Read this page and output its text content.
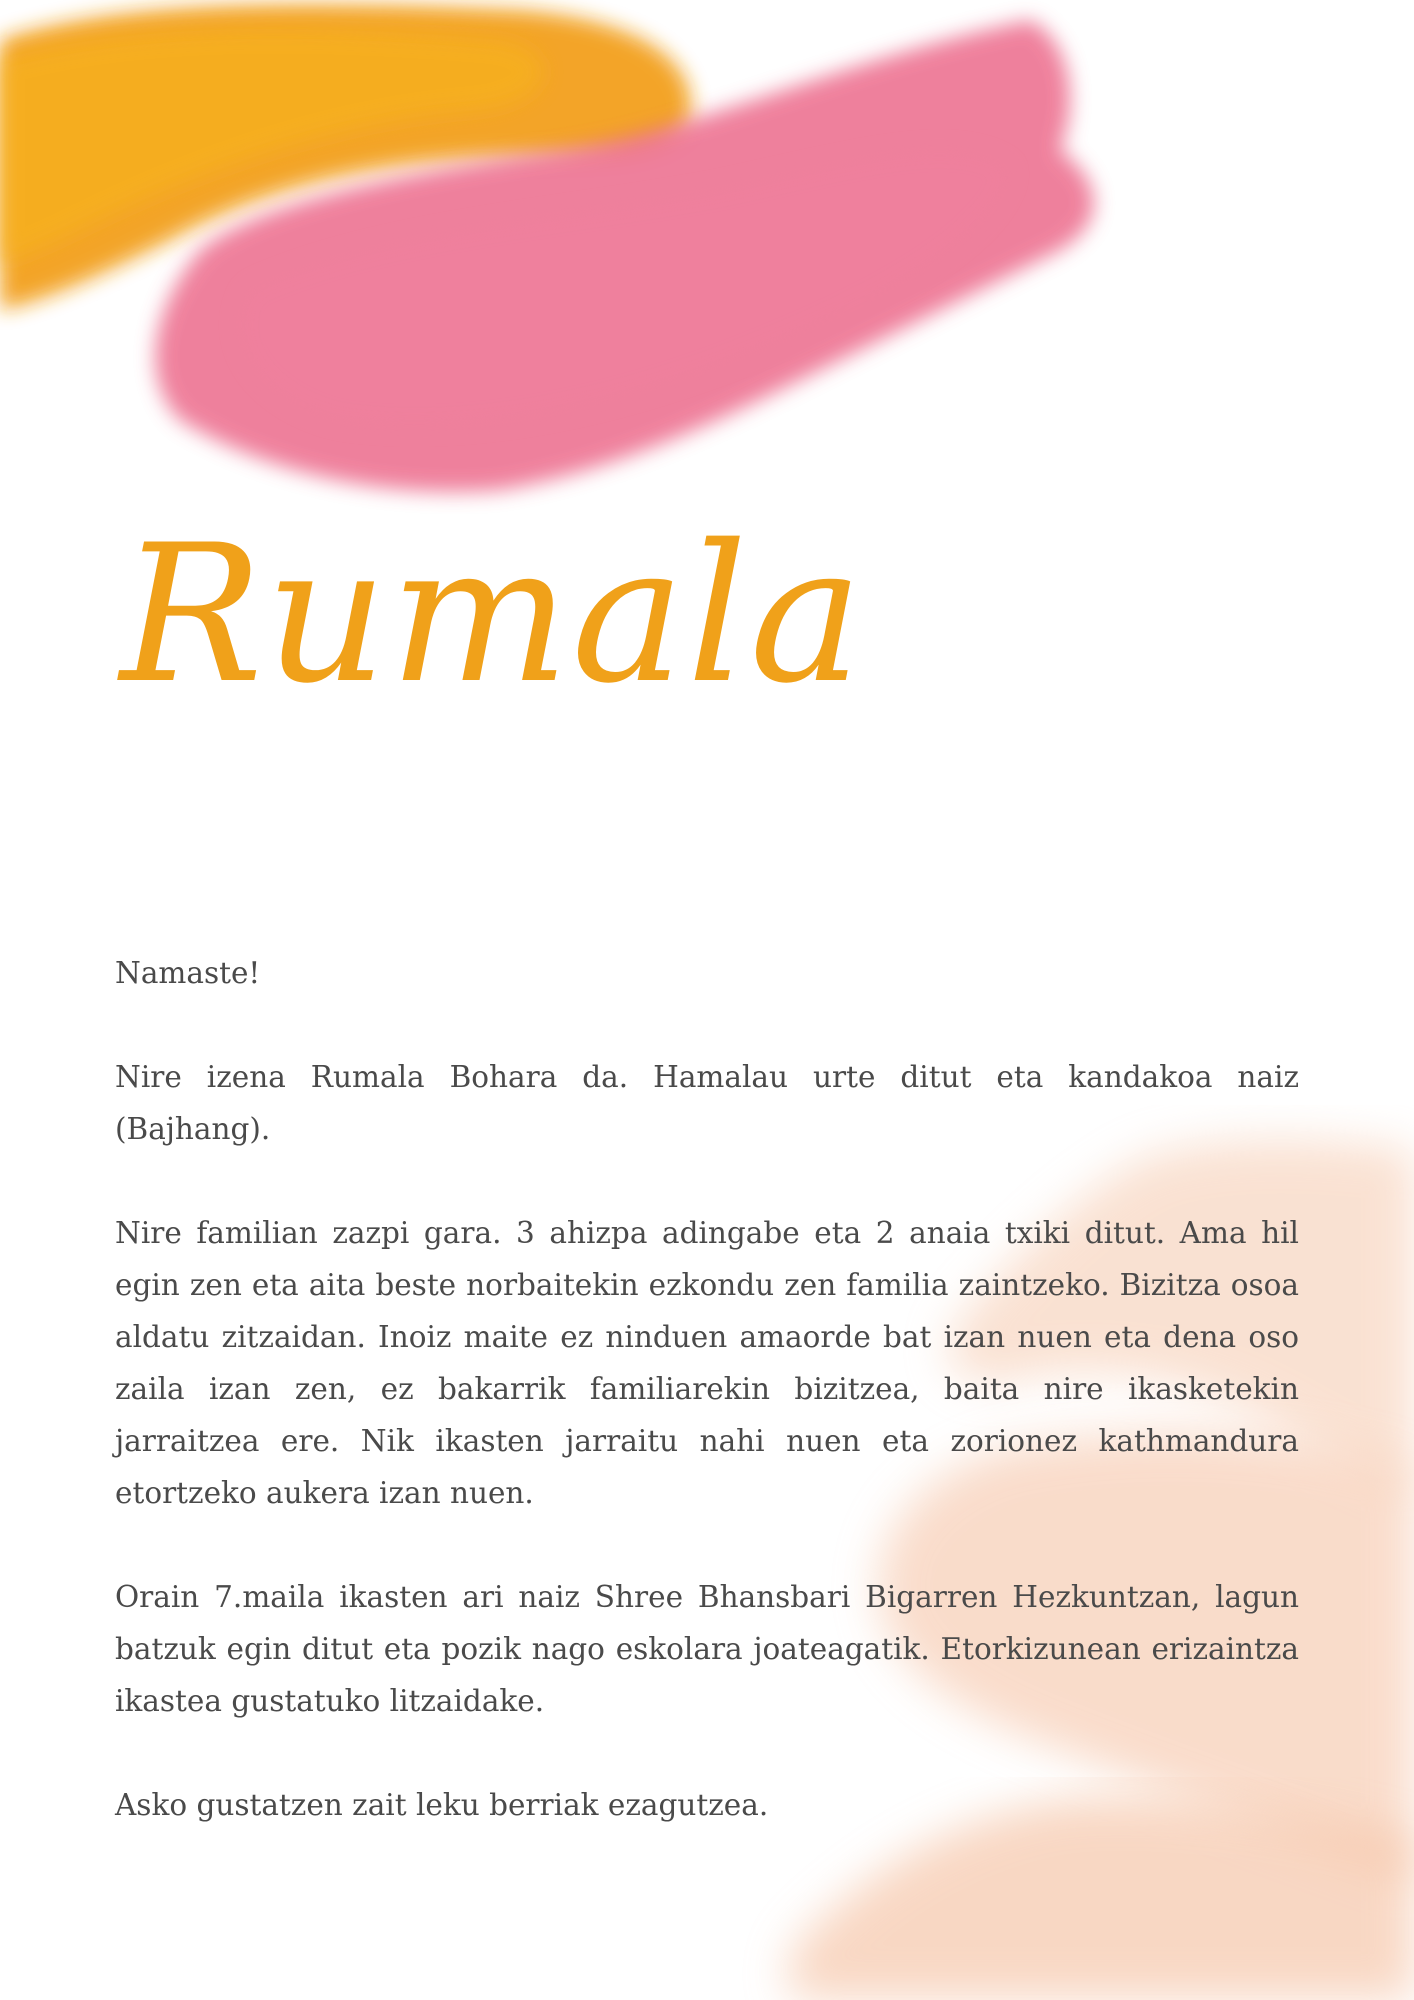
Rumala

Namaste!

Nire izena Rumala Bohara da. Hamalau urte ditut eta kandakoa naiz (Bajhang).

Nire familian zazpi gara. 3 ahizpa adingabe eta 2 anaia txiki ditut. Ama hil egin zen eta aita beste norbaitekin ezkondu zen familia zaintzeko. Bizitza osoa aldatu zitzaidan. Inoiz maite ez ninduen amaorde bat izan nuen eta dena oso zaila izan zen, ez bakarrik familiarekin bizitzea, baita nire ikasketekin jarraitzea ere. Nik ikasten jarraitu nahi nuen eta zorionez kathmandura etortzeko aukera izan nuen.

Orain 7.maila ikasten ari naiz Shree Bhansbari Bigarren Hezkuntzan, lagun batzuk egin ditut eta pozik nago eskolara joateagatik. Etorkizunean erizaintza ikastea gustatuko litzaidake.

Asko gustatzen zait leku berriak ezagutzea.
